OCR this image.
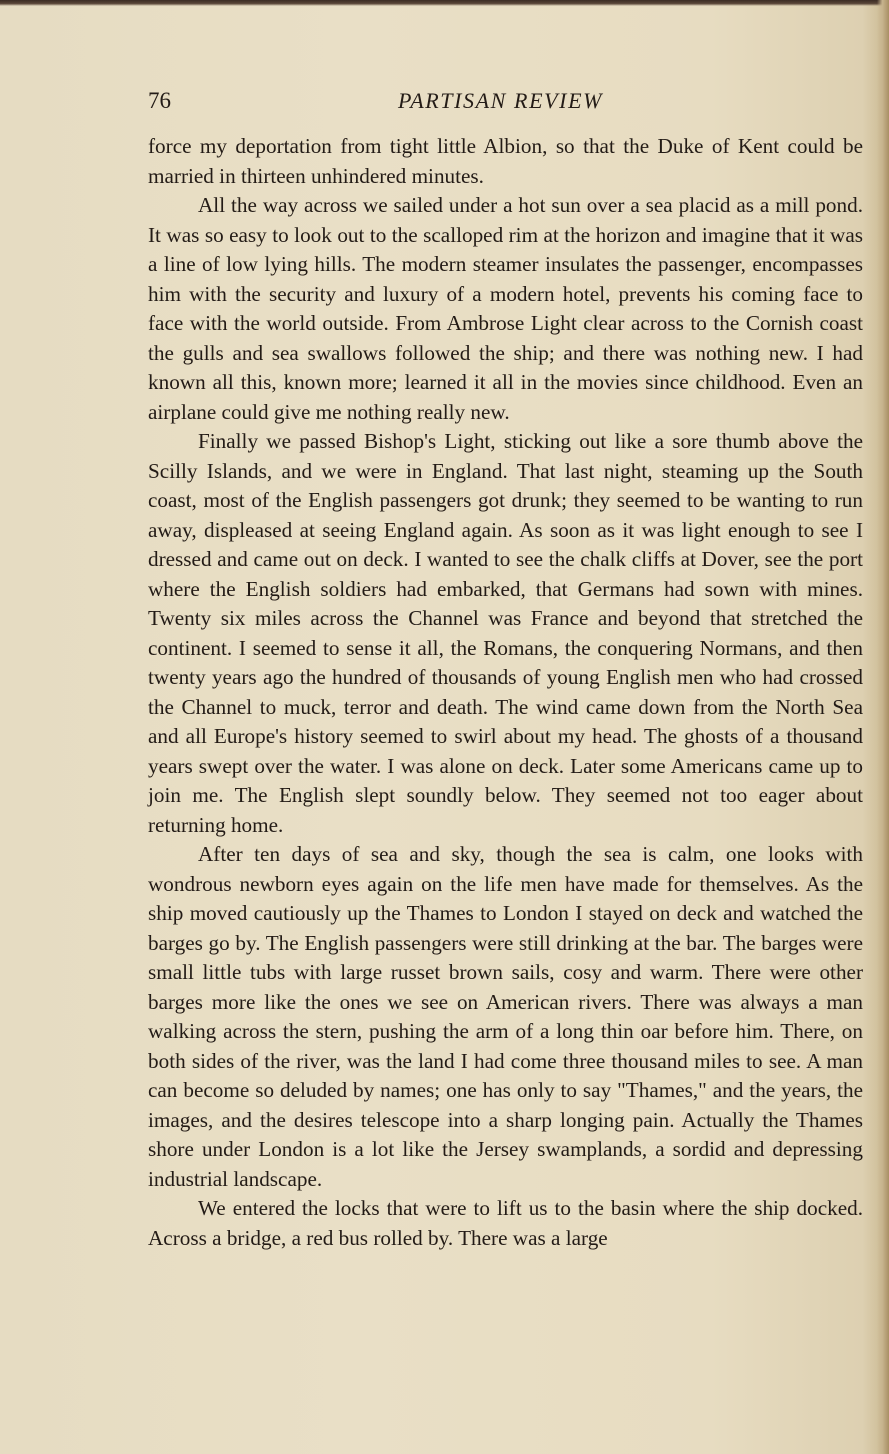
76	PARTISAN REVIEW

force my deportation from tight little Albion, so that the Duke of Kent could be married in thirteen unhindered minutes.

All the way across we sailed under a hot sun over a sea placid as a mill pond. It was so easy to look out to the scalloped rim at the horizon and imagine that it was a line of low lying hills. The modern steamer insulates the passenger, encompasses him with the security and luxury of a modern hotel, prevents his coming face to face with the world outside. From Ambrose Light clear across to the Cornish coast the gulls and sea swallows followed the ship; and there was nothing new. I had known all this, known more; learned it all in the movies since childhood. Even an airplane could give me nothing really new.

Finally we passed Bishop's Light, sticking out like a sore thumb above the Scilly Islands, and we were in England. That last night, steaming up the South coast, most of the English passengers got drunk; they seemed to be wanting to run away, displeased at seeing England again. As soon as it was light enough to see I dressed and came out on deck. I wanted to see the chalk cliffs at Dover, see the port where the English soldiers had embarked, that Germans had sown with mines. Twenty six miles across the Channel was France and beyond that stretched the continent. I seemed to sense it all, the Romans, the conquering Normans, and then twenty years ago the hundred of thousands of young English men who had crossed the Channel to muck, terror and death. The wind came down from the North Sea and all Europe's history seemed to swirl about my head. The ghosts of a thousand years swept over the water. I was alone on deck. Later some Americans came up to join me. The English slept soundly below. They seemed not too eager about returning home.

After ten days of sea and sky, though the sea is calm, one looks with wondrous newborn eyes again on the life men have made for themselves. As the ship moved cautiously up the Thames to London I stayed on deck and watched the barges go by. The English passengers were still drinking at the bar. The barges were small little tubs with large russet brown sails, cosy and warm. There were other barges more like the ones we see on American rivers. There was always a man walking across the stern, pushing the arm of a long thin oar before him. There, on both sides of the river, was the land I had come three thousand miles to see. A man can become so deluded by names; one has only to say "Thames," and the years, the images, and the desires telescope into a sharp longing pain. Actually the Thames shore under London is a lot like the Jersey swamplands, a sordid and depressing industrial landscape.

We entered the locks that were to lift us to the basin where the ship docked. Across a bridge, a red bus rolled by. There was a large
